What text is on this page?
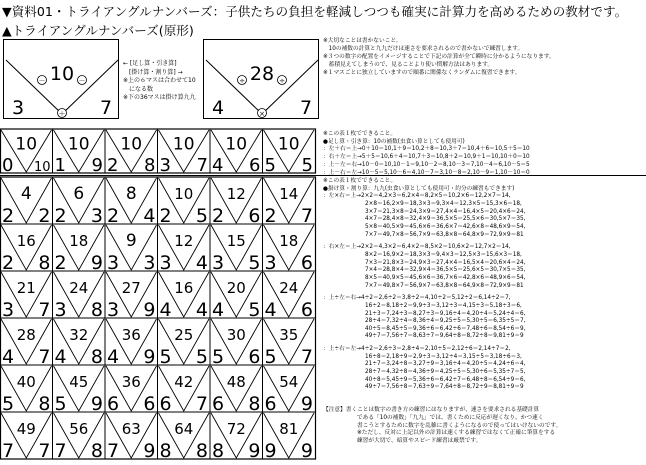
▼資料01・トライアングルナンバーズ：子供たちの負担を軽減しつつも確実に計算力を高めるための教材です。
▲トライアングルナンバーズ(原形)
10
3	7
－	－
＋
← [足し算・引き算]
　[掛け算・割り算] →
※上の６マスは合わせて10
　になる数
※下の36マスは掛け算九九
28
4	7
÷	÷
×
※大切なことは書かないこと。
　10の補数の計算と九九だけは速さを要求されるので書かないで練習します。
※３つの数字の配置をイメージすることで下記の計算が全て瞬時に分かるようになります。
　蓄積見えてしまうので、見ることより使い慣解方法はあります。
※１マスごとに独立していますので順番に関係なくランダムに復習できます。
※この表１枚でできること。
●足し算・引き算：10の補数(虫食い算としても使用可)
：左＋右＝上→0＋10＝10,1＋9＝10,2＋8＝10,3＋7＝10,4＋6＝10,5＋5＝10
：右＋左＝上→5＋5＝10,6＋4＝10,7＋3＝10,8＋2＝10,9＋1＝10,10＋0＝10
：上－左＝右→10－0＝10,10－1＝9,10－2＝8,10－3＝7,10－4＝6,10－5＝5
：上－右＝左→10－5＝5,10－6＝4,10－7＝3,10－8＝2,10－9＝1,10－10＝0
※この表１枚でできること。
●掛け算・割り算：九九(虫食い算としても使用可・約分の練習もできます)
：左×右＝上→ 2×2＝4,2×3＝6,2×4＝8,2×5＝10,2×6＝12,2×7＝14,
2×8＝16,2×9＝18,3×3＝9,3×4＝12,3×5＝15,3×6＝18,
3×7＝21,3×8＝24,3×9＝27,4×4＝16,4×5＝20,4×6＝24,
4×7＝28,4×8＝32,4×9＝36,5×5＝25,5×6＝30,5×7＝35,
5×8＝40,5×9＝45,6×6＝36,6×7＝42,6×8＝48,6×9＝54,
7×7＝49,7×8＝56,7×9＝63,8×8＝64,8×9＝72,9×9＝81
：右×左＝上→ 2×2＝4,3×2＝6,4×2＝8,5×2＝10,6×2＝12,7×2＝14,
8×2＝16,9×2＝18,3×3＝9,4×3＝12,5×3＝15,6×3＝18,
7×3＝21,8×3＝24,9×3＝27,4×4＝16,5×4＝20,6×4＝24,
7×4＝28,8×4＝32,9×4＝36,5×5＝25,6×5＝30,7×5＝35,
8×5＝40,9×5＝45,6×6＝36,7×6＝42,8×6＝48,9×6＝54,
7×7＝49,8×7＝56,9×7＝63,8×8＝64,9×8＝72,9×9＝81
：上÷左＝右→ 4÷2＝2,6÷2＝3,8÷2＝4,10÷2＝5,12÷2＝6,14÷2＝7,
16÷2＝8,18÷2＝9,9÷3＝3,12÷3＝4,15÷3＝5,18÷3＝6,
21÷3＝7,24÷3＝8,27÷3＝9,16÷4＝4,20÷4＝5,24÷4＝6,
28÷4＝7,32÷4＝8,36÷4＝9,25÷5＝5,30÷5＝6,35÷5＝7,
40÷5＝8,45÷5＝9,36÷6＝6,42÷6＝7,48÷6＝8,54÷6＝9,
49÷7＝7,56÷7＝8,63÷7＝9,64÷8＝8,72÷8＝9,81÷9＝9
：上÷右＝左→ 4÷2＝2,6÷3＝2,8÷4＝2,10÷5＝2,12÷6＝2,14÷7＝2,
16÷8＝2,18÷9＝2,9÷3＝3,12÷4＝3,15÷5＝3,18÷6＝3,
21÷7＝3,24÷8＝3,27÷9＝3,16÷4＝4,20÷5＝4,24÷6＝4,
28÷7＝4,32÷8＝4,36÷9＝4,25÷5＝5,30÷6＝5,35÷7＝5,
40÷8＝5,45÷9＝5,36÷6＝6,42÷7＝6,48÷8＝6,54÷9＝6,
49÷7＝7,56÷8＝7,63÷9＝7,64÷8＝8,72÷9＝8,81÷9＝9
【注意】書くことは数字の書き方の練習にはなりますが、速さを要求される基礎計算
である「10の補数」「九九」では、書くために反応が遅くなり、かつ速く
書こうとするために数字を乱雑に書くようになるので使ってはいけないのです。
※ただし、反対に上記以外の計算は速くする練習ではなくて正確に筆算をする
練習が大切で、暗算やスピード練習は厳禁です。
10
0 10
10
1 9
10
2 8
10
3 7
10
4 6
10
5 5
4
2 2
6
2 3
8
2 4
10
2 5
12
2 6
14
2 7
16
2 8
18
2 9
9
3 3
12
3 4
15
3 5
18
3 6
21
3 7
24
3 8
27
3 9
16
4 4
20
4 5
24
4 6
28
4 7
32
4 8
36
4 9
25
5 5
30
5 6
35
5 7
40
5 8
45
5 9
36
6 6
42
6 7
48
6 8
54
6 9
49
7 7
56
7 8
63
7 9
64
8 8
72
8 9
81
9 9
